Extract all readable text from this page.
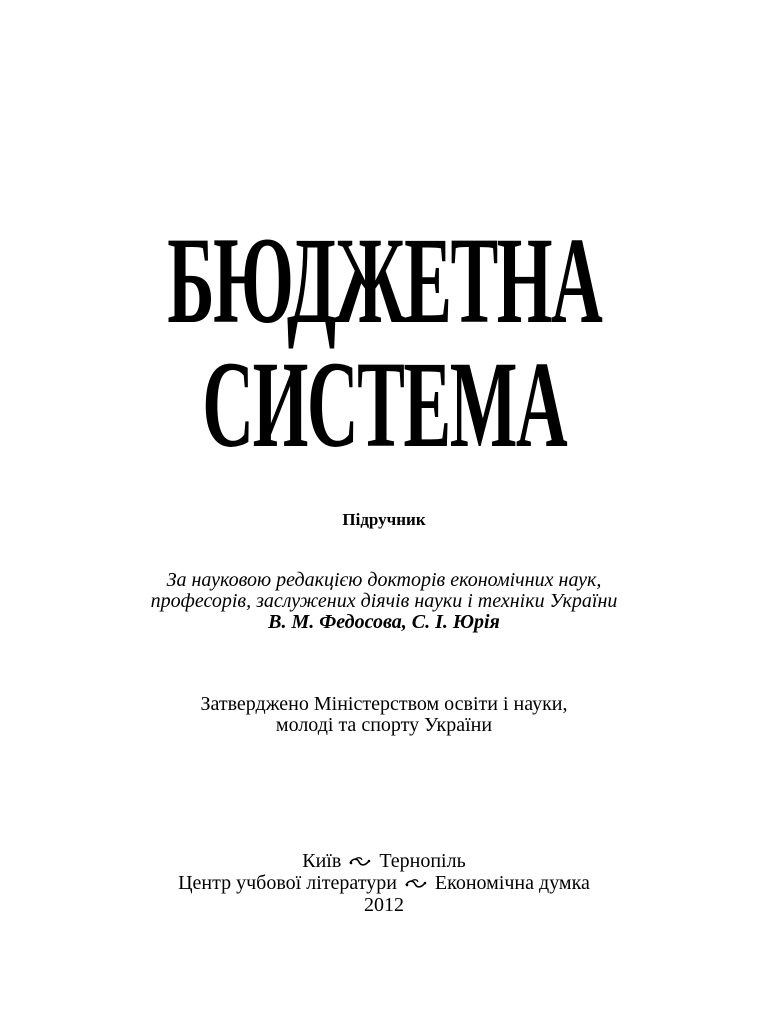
БЮДЖЕТНА
СИСТЕМА
Підручник
За науковою редакцією докторів економічних наук,
професорів, заслужених діячів науки і техніки України
В. М. Федосова, С. І. Юрія
Затверджено Міністерством освіти і науки,
молоді та спорту України
Київ Тернопіль
Центр учбової літератури Економічна думка
2012
